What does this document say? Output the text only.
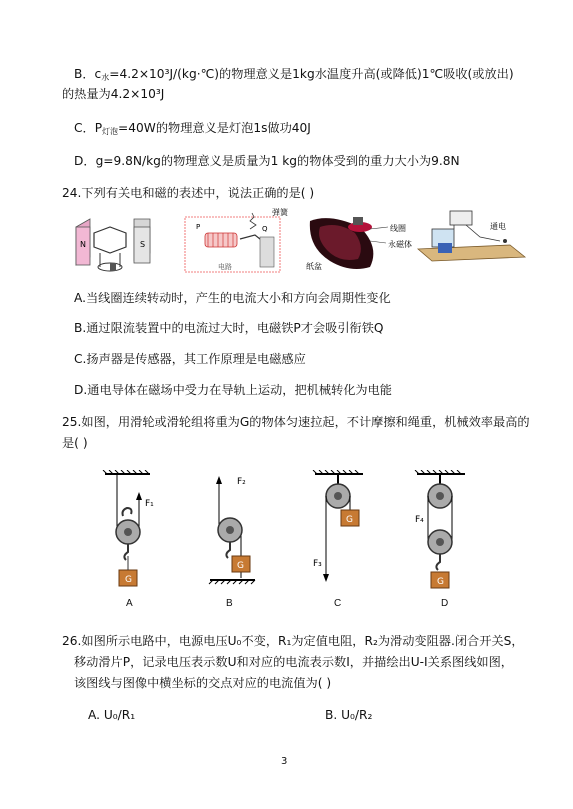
B．$c_水=4.2\times 10^3J/(kg\cdot℃)$的物理意义是1kg水温度升高(或降低)1℃吸收(或放出)
的热量为4.2×10³J
C．$P_{灯泡}=40W$的物理意义是灯泡1s做功40J
D．g=9.8N/kg的物理意义是质量为1 kg的物体受到的重力大小为9.8N
24.下列有关电和磁的表述中，说法正确的是( )
N	S
P	Q
弹簧
电路
线圈
永磁体
纸盆
通电
A.当线圈连续转动时，产生的电流大小和方向会周期性变化
B.通过限流装置中的电流过大时，电磁铁P才会吸引衔铁Q
C.扬声器是传感器，其工作原理是电磁感应
D.通电导体在磁场中受力在导轨上运动，把机械转化为电能
25.如图，用滑轮或滑轮组将重为G的物体匀速拉起，不计摩擦和绳重，机械效率最高的
是( )
F₁
G
F₂
G	F₃
G	F₄
G
A	B	C	D
26.如图所示电路中，电源电压U₀不变，R₁为定值电阻，R₂为滑动变阻器.闭合开关S，
移动滑片P，记录电压表示数U和对应的电流表示数I，并描绘出U-I关系图线如图，
该图线与图像中横坐标的交点对应的电流值为( )
A. U₀/R₁	B. U₀/R₂
3
